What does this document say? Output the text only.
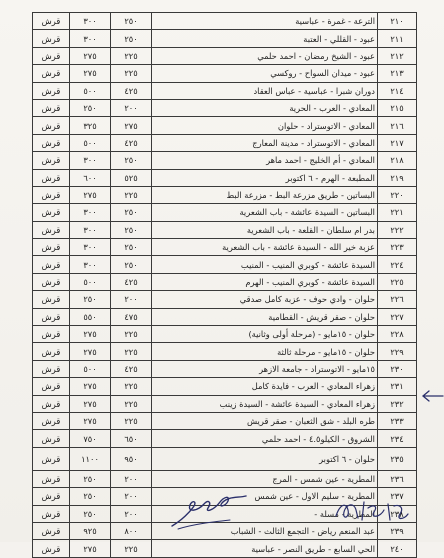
قرش	٣٠٠	٢٥٠	الترعة - غمرة - عباسية	٢١٠
قرش	٣٠٠	٢٥٠	عبود - القللي - العتبة	٢١١
قرش	٢٧٥	٢٢٥	عبود - الشيخ رمضان - احمد حلمي	٢١٢
قرش	٢٧٥	٢٢٥	عبود - ميدان السواح - روكسي	٢١٣
قرش	٥٠٠	٤٢٥	دوران شبرا - عباسية - عباس العقاد	٢١٤
قرش	٢٥٠	٢٠٠	المعادي - العرب - الحرية	٢١٥
قرش	٣٢٥	٢٧٥	المعادي - الاتوستراد - حلوان	٢١٦
قرش	٥٠٠	٤٢٥	المعادي - الاتوستراد - مدينة المعارج	٢١٧
قرش	٣٠٠	٢٥٠	المعادي - أم الخليج - احمد ماهر	٢١٨
قرش	٦٠٠	٥٢٥	المطبعة - الهرم - ٦ اكتوبر	٢١٩
قرش	٢٧٥	٢٢٥	البساتين - طريق مزرعة البط - مزرعة البط	٢٢٠
قرش	٣٠٠	٢٥٠	البساتين - السيدة عائشة - باب الشعرية	٢٢١
قرش	٣٠٠	٢٥٠	بدر ام سلطان - القلعة - باب الشعرية	٢٢٢
قرش	٣٠٠	٢٥٠	عزبة خير الله - السيدة عائشة - باب الشعرية	٢٢٣
قرش	٣٠٠	٢٥٠	السيدة عائشة - كوبري المنيب - المنيب	٢٢٤
قرش	٥٠٠	٤٢٥	السيدة عائشة - كوبري المنيب - الهرم	٢٢٥
قرش	٢٥٠	٢٠٠	حلوان - وادي حوف - عزبة كامل صدقي	٢٢٦
قرش	٥٥٠	٤٧٥	حلوان - صقر قريش - القطامية	٢٢٧
قرش	٢٧٥	٢٢٥	حلوان - ١٥مايو - (مرحلة أولى وثانية)	٢٢٨
قرش	٢٧٥	٢٢٥	حلوان - ١٥مايو - مرحلة ثالثة	٢٢٩
قرش	٥٠٠	٤٢٥	١٥مايو - الاتوستراد - جامعة الازهر	٢٣٠
قرش	٢٧٥	٢٢٥	زهراء المعادي - العرب - فايدة كامل	٢٣١
قرش	٢٧٥	٢٢٥	زهراء المعادي - السيدة عائشة - السيدة زينب	٢٣٢
قرش	٢٧٥	٢٢٥	طره البلد - شق الثعبان - صقر قريش	٢٣٣
قرش	٧٥٠	٦٥٠	الشروق - الكيلو٤.٥ - احمد حلمي	٢٣٤
قرش	١١٠٠	٩٥٠	حلوان - ٦ اكتوبر	٢٣٥
قرش	٢٥٠	٢٠٠	المطرية - عين شمس - المرج	٢٣٦
قرش	٢٥٠	٢٠٠	المطرية - سليم الاول - عين شمس	٢٣٧
قرش	٢٥٠	٢٠٠	المطرية - مسلة -	٢٣٨
قرش	٩٢٥	٨٠٠	عبد المنعم رياض - التجمع الثالث - الشباب	٢٣٩
قرش	٢٧٥	٢٢٥	الحي السابع - طريق النصر - عباسية	٢٤٠
